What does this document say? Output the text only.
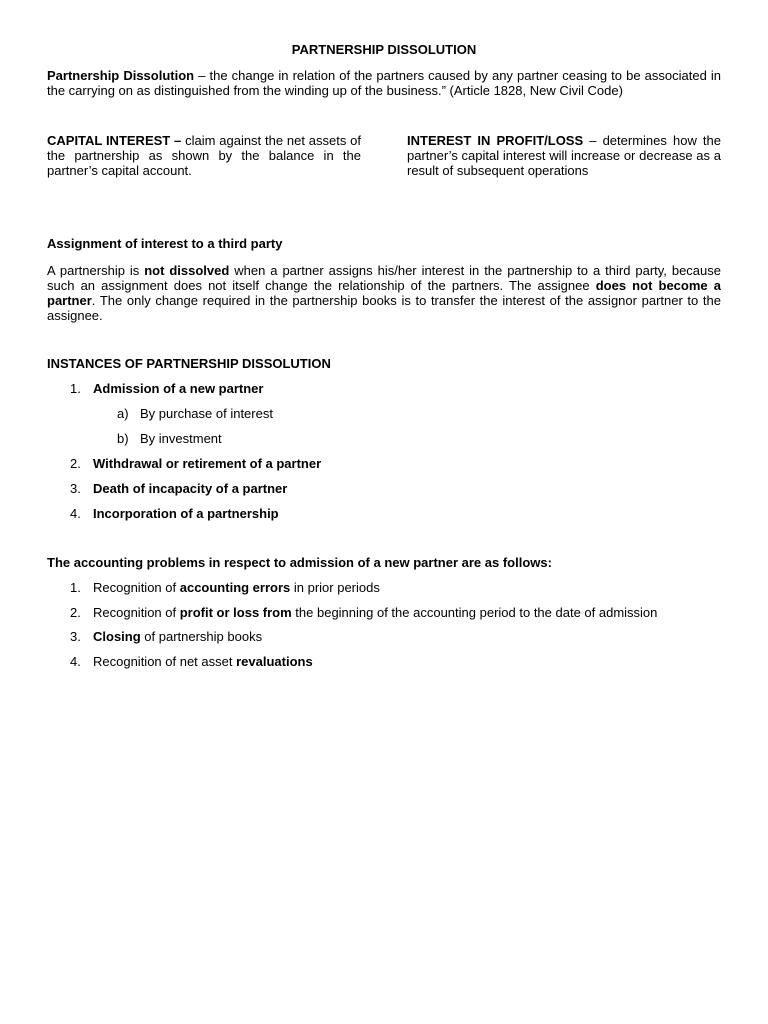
PARTNERSHIP DISSOLUTION
Partnership Dissolution – the change in relation of the partners caused by any partner ceasing to be associated in the carrying on as distinguished from the winding up of the business.” (Article 1828, New Civil Code)
CAPITAL INTEREST – claim against the net assets of the partnership as shown by the balance in the partner’s capital account.
INTEREST IN PROFIT/LOSS – determines how the partner’s capital interest will increase or decrease as a result of subsequent operations
Assignment of interest to a third party
A partnership is not dissolved when a partner assigns his/her interest in the partnership to a third party, because such an assignment does not itself change the relationship of the partners. The assignee does not become a partner. The only change required in the partnership books is to transfer the interest of the assignor partner to the assignee.
INSTANCES OF PARTNERSHIP DISSOLUTION
1. Admission of a new partner
a) By purchase of interest
b) By investment
2. Withdrawal or retirement of a partner
3. Death of incapacity of a partner
4. Incorporation of a partnership
The accounting problems in respect to admission of a new partner are as follows:
1. Recognition of accounting errors in prior periods
2. Recognition of profit or loss from the beginning of the accounting period to the date of admission
3. Closing of partnership books
4. Recognition of net asset revaluations
